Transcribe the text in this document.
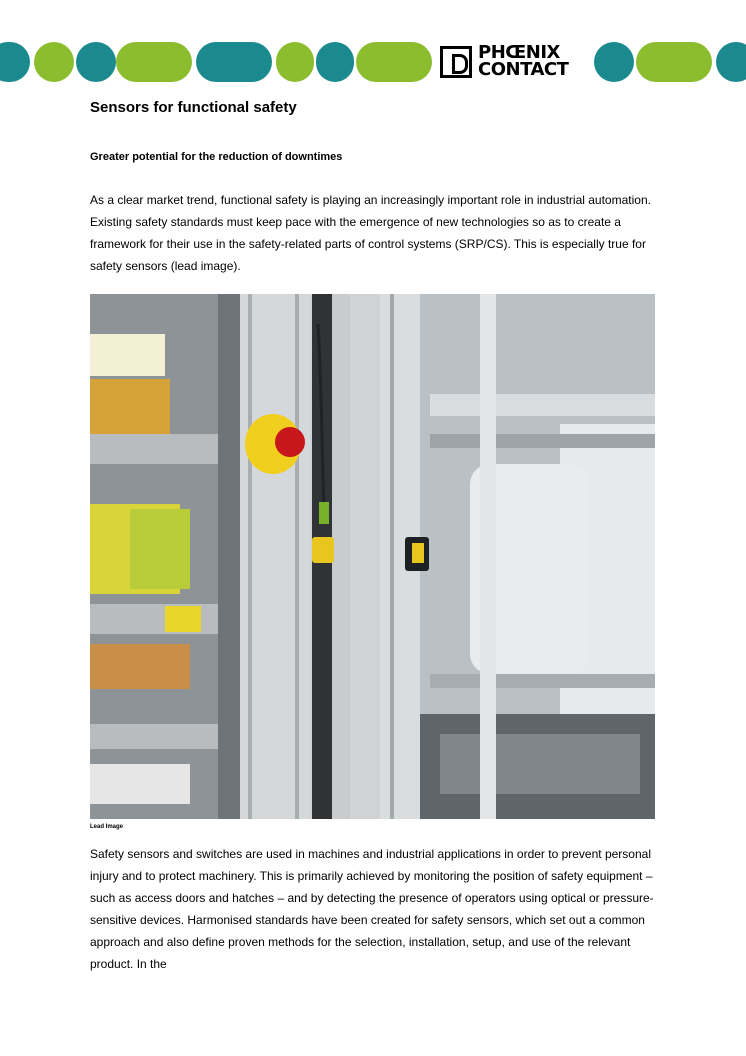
PHŒNIX
CONTACT
Sensors for functional safety
Greater potential for the reduction of downtimes

As a clear market trend, functional safety is playing an increasingly important role in industrial automation. Existing safety standards must keep pace with the emergence of new technologies so as to create a framework for their use in the safety-related parts of control systems (SRP/CS). This is especially true for safety sensors (lead image).

Lead Image

Safety sensors and switches are used in machines and industrial applications in order to prevent personal injury and to protect machinery. This is primarily achieved by monitoring the position of safety equipment – such as access doors and hatches – and by detecting the presence of operators using optical or pressure-sensitive devices. Harmonised standards have been created for safety sensors, which set out a common approach and also define proven methods for the selection, installation, setup, and use of the relevant product. In the
